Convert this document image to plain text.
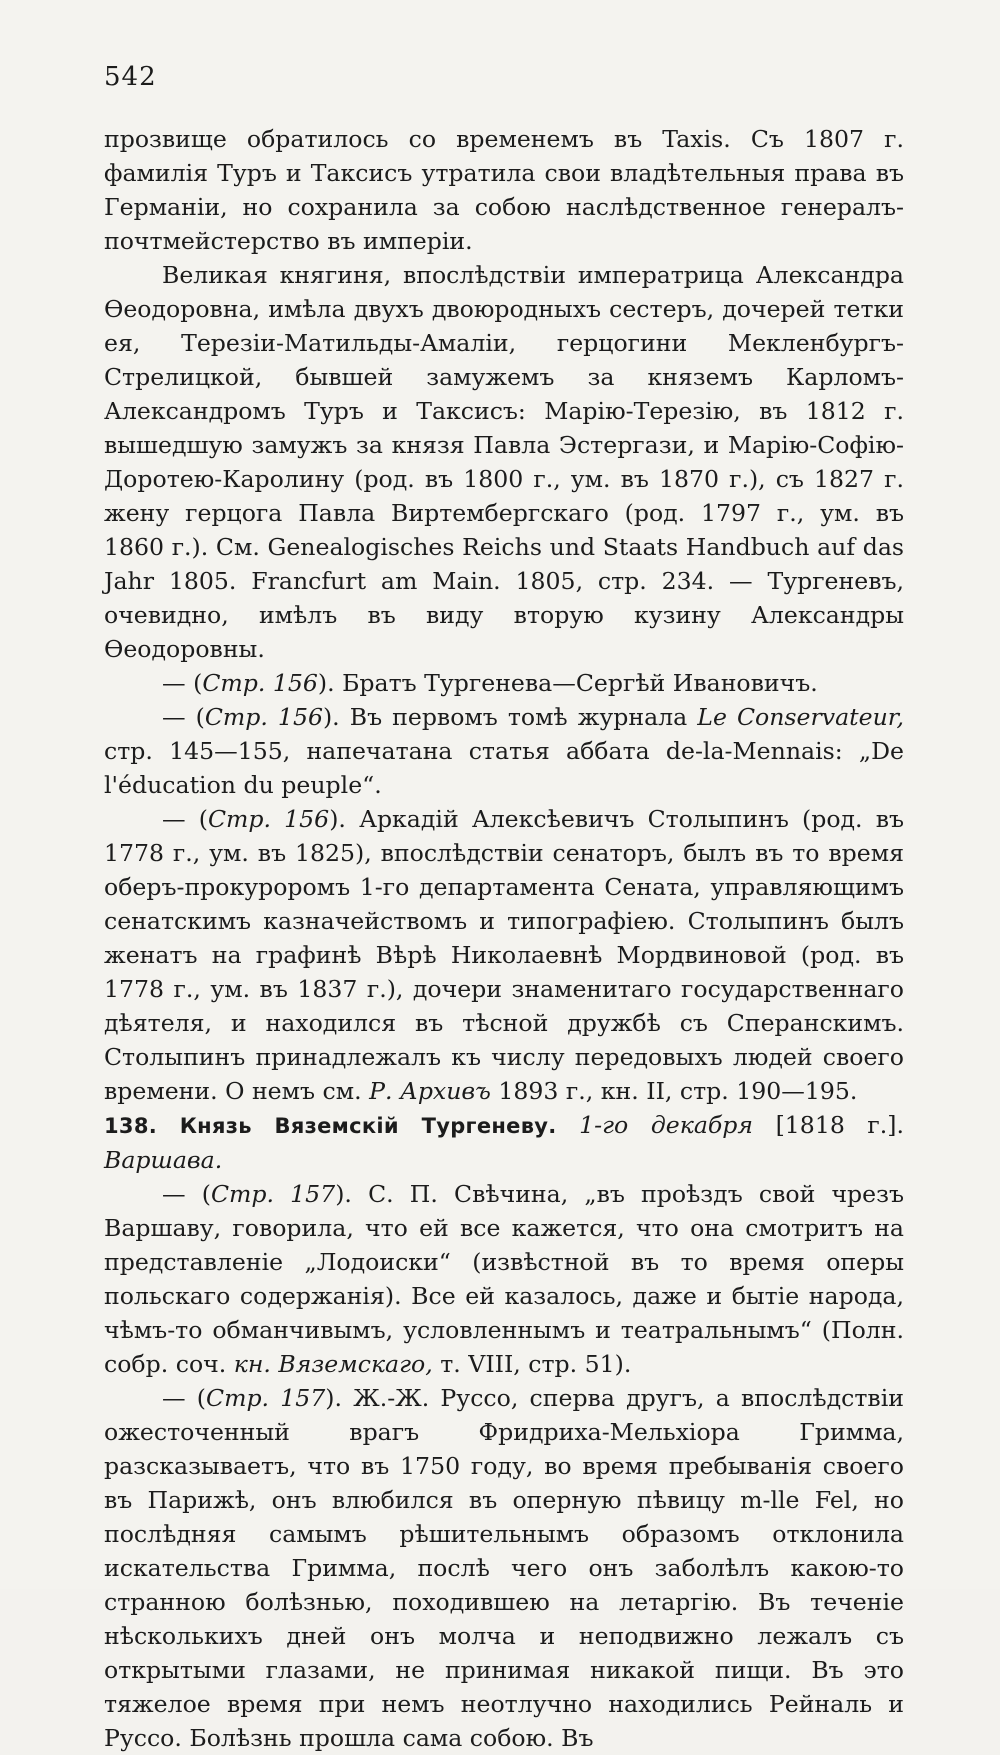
542

прозвище обратилось со временемъ въ Taxis. Съ 1807 г. фамилія Туръ и Таксисъ утратила свои владѣтельныя права въ Германіи, но сохранила за собою наслѣдственное генералъ-почтмейстерство въ имперіи.

Великая княгиня, впослѣдствіи императрица Александра Ѳеодоровна, имѣла двухъ двоюродныхъ сестеръ, дочерей тетки ея, Терезіи-Матильды-Амаліи, герцогини Мекленбургъ-Стрелицкой, бывшей замужемъ за княземъ Карломъ-Александромъ Туръ и Таксисъ: Марію-Терезію, въ 1812 г. вышедшую замужъ за князя Павла Эстергази, и Марію-Софію-Доротею-Каролину (род. въ 1800 г., ум. въ 1870 г.), съ 1827 г. жену герцога Павла Виртембергскаго (род. 1797 г., ум. въ 1860 г.). См. Genealogisches Reichs und Staats Handbuch auf das Jahr 1805. Francfurt am Main. 1805, стр. 234. — Тургеневъ, очевидно, имѣлъ въ виду вторую кузину Александры Ѳеодоровны.

— (Стр. 156). Братъ Тургенева—Сергѣй Ивановичъ.

— (Стр. 156). Въ первомъ томѣ журнала Le Conservateur, стр. 145—155, напечатана статья аббата de-la-Mennais: „De l'éducation du peuple“.

— (Стр. 156). Аркадій Алексѣевичъ Столыпинъ (род. въ 1778 г., ум. въ 1825), впослѣдствіи сенаторъ, былъ въ то время оберъ-прокуроромъ 1-го департамента Сената, управляющимъ сенатскимъ казначействомъ и типографіею. Столыпинъ былъ женатъ на графинѣ Вѣрѣ Николаевнѣ Мордвиновой (род. въ 1778 г., ум. въ 1837 г.), дочери знаменитаго государственнаго дѣятеля, и находился въ тѣсной дружбѣ съ Сперанскимъ. Столыпинъ принадлежалъ къ числу передовыхъ людей своего времени. О немъ см. Р. Архивъ 1893 г., кн. II, стр. 190—195.

138. Князь Вяземскій Тургеневу. 1-го декабря [1818 г.]. Варшава.

— (Стр. 157). С. П. Свѣчина, „въ проѣздъ свой чрезъ Варшаву, говорила, что ей все кажется, что она смотритъ на представленіе „Лодоиски“ (извѣстной въ то время оперы польскаго содержанія). Все ей казалось, даже и бытіе народа, чѣмъ-то обманчивымъ, условленнымъ и театральнымъ“ (Полн. собр. соч. кн. Вяземскаго, т. VIII, стр. 51).

— (Стр. 157). Ж.-Ж. Руссо, сперва другъ, а впослѣдствіи ожесточенный врагъ Фридриха-Мельхіора Гримма, разсказываетъ, что въ 1750 году, во время пребыванія своего въ Парижѣ, онъ влюбился въ оперную пѣвицу m-lle Fel, но послѣдняя самымъ рѣшительнымъ образомъ отклонила искательства Гримма, послѣ чего онъ заболѣлъ какою-то странною болѣзнью, походившею на летаргію. Въ теченіе нѣсколькихъ дней онъ молча и неподвижно лежалъ съ открытыми глазами, не принимая никакой пищи. Въ это тяжелое время при немъ неотлучно находились Рейналь и Руссо. Болѣзнь прошла сама собою. Въ
